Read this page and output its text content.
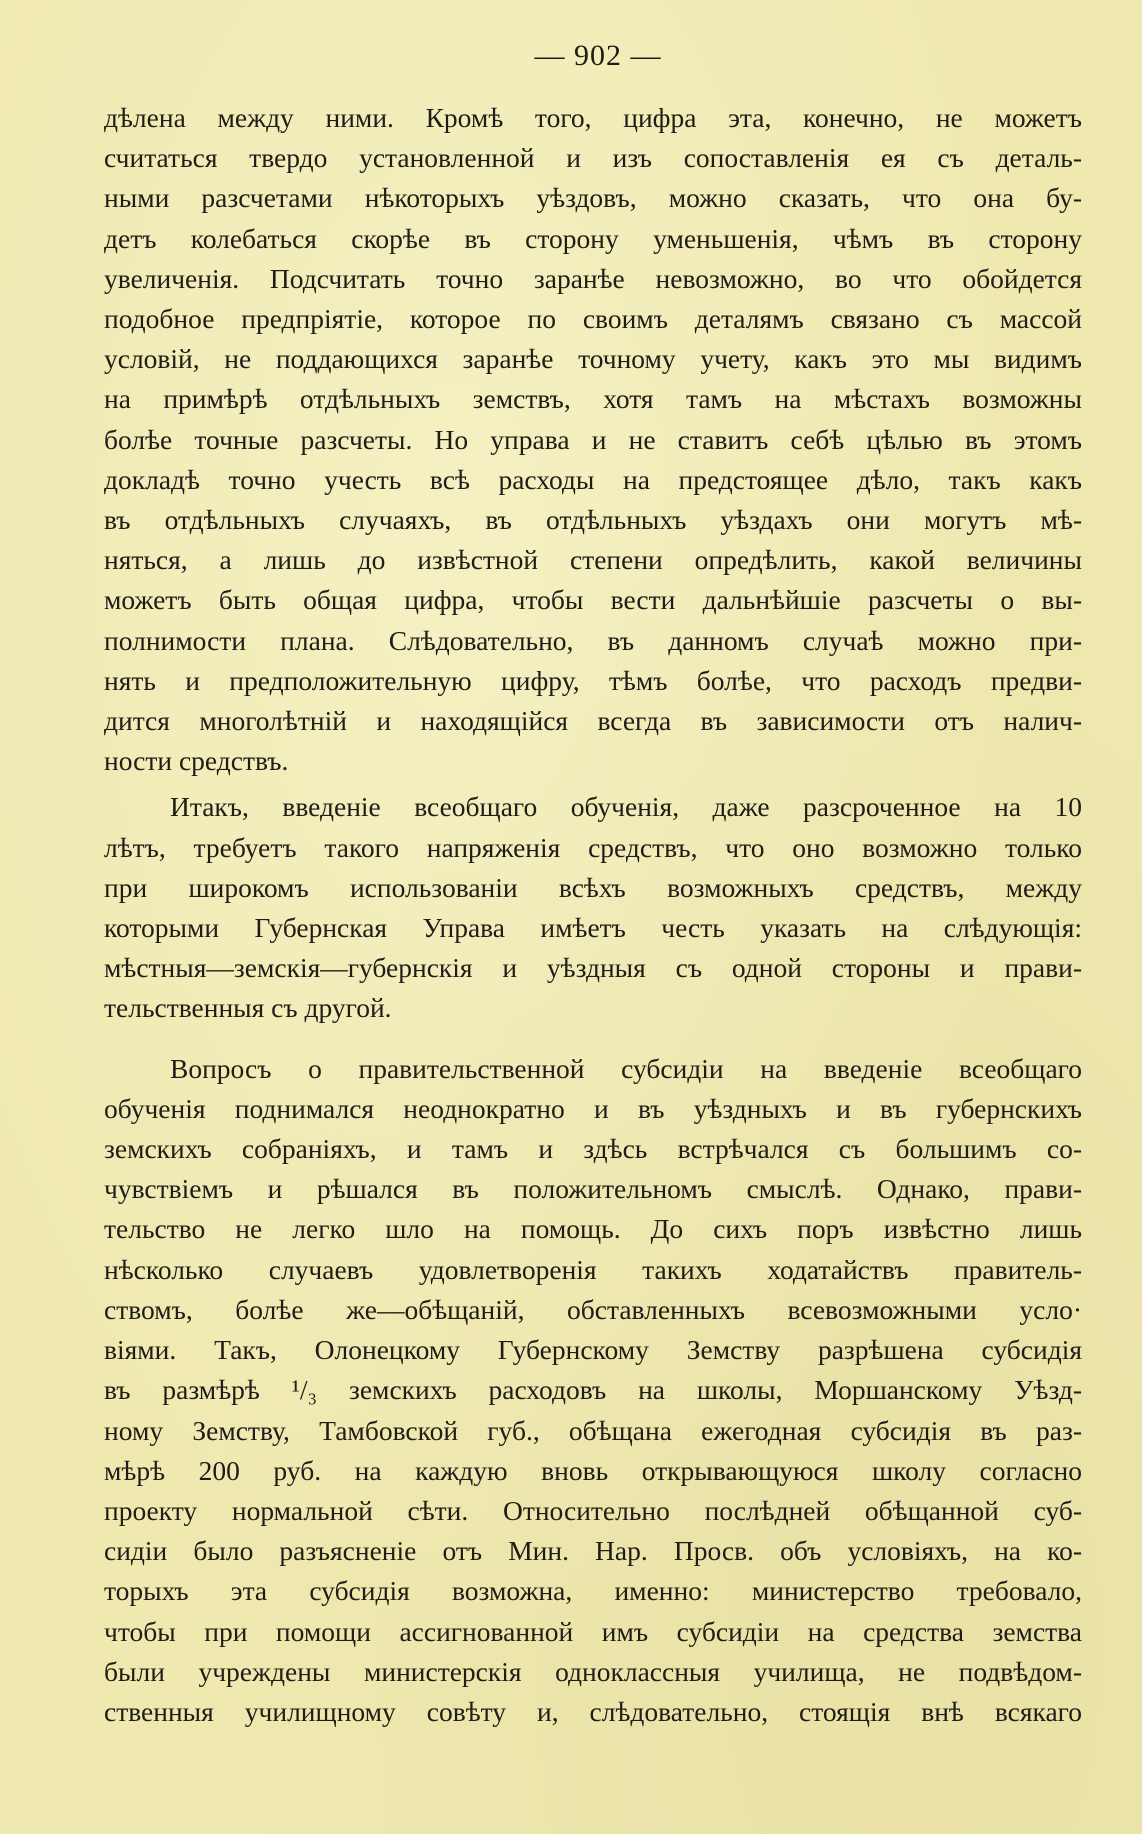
— 902 —
дѣлена между ними. Кромѣ того, цифра эта, конечно, не можетъ
считаться твердо установленной и изъ сопоставленія ея съ деталь-
ными разсчетами нѣкоторыхъ уѣздовъ, можно сказать, что она бу-
детъ колебаться скорѣе въ сторону уменьшенія, чѣмъ въ сторону
увеличенія. Подсчитать точно заранѣе невозможно, во что обойдется
подобное предпріятіе, которое по своимъ деталямъ связано съ массой
условій, не поддающихся заранѣе точному учету, какъ это мы видимъ
на примѣрѣ отдѣльныхъ земствъ, хотя тамъ на мѣстахъ возможны
болѣе точные разсчеты. Но управа и не ставитъ себѣ цѣлью въ этомъ
докладѣ точно учесть всѣ расходы на предстоящее дѣло, такъ какъ
въ отдѣльныхъ случаяхъ, въ отдѣльныхъ уѣздахъ они могутъ мѣ-
няться, а лишь до извѣстной степени опредѣлить, какой величины
можетъ быть общая цифра, чтобы вести дальнѣйшіе разсчеты о вы-
полнимости плана. Слѣдовательно, въ данномъ случаѣ можно при-
нять и предположительную цифру, тѣмъ болѣе, что расходъ предви-
дится многолѣтній и находящійся всегда въ зависимости отъ налич-
ности средствъ.
Итакъ, введеніе всеобщаго обученія, даже разсроченное на 10
лѣтъ, требуетъ такого напряженія средствъ, что оно возможно только
при широкомъ использованіи всѣхъ возможныхъ средствъ, между
которыми Губернская Управа имѣетъ честь указать на слѣдующія:
мѣстныя—земскія—губернскія и уѣздныя съ одной стороны и прави-
тельственныя съ другой.
Вопросъ о правительственной субсидіи на введеніе всеобщаго
обученія поднимался неоднократно и въ уѣздныхъ и въ губернскихъ
земскихъ собраніяхъ, и тамъ и здѣсь встрѣчался съ большимъ со-
чувствіемъ и рѣшался въ положительномъ смыслѣ. Однако, прави-
тельство не легко шло на помощь. До сихъ поръ извѣстно лишь
нѣсколько случаевъ удовлетворенія такихъ ходатайствъ правитель-
ствомъ, болѣе же—обѣщаній, обставленныхъ всевозможными усло·
віями. Такъ, Олонецкому Губернскому Земству разрѣшена субсидія
въ размѣрѣ ¹/₃ земскихъ расходовъ на школы, Моршанскому Уѣзд-
ному Земству, Тамбовской губ., обѣщана ежегодная субсидія въ раз-
мѣрѣ 200 руб. на каждую вновь открывающуюся школу согласно
проекту нормальной сѣти. Относительно послѣдней обѣщанной суб-
сидіи было разъясненіе отъ Мин. Нар. Просв. объ условіяхъ, на ко-
торыхъ эта субсидія возможна, именно: министерство требовало,
чтобы при помощи ассигнованной имъ субсидіи на средства земства
были учреждены министерскія одноклассныя училища, не подвѣдом-
ственныя училищному совѣту и, слѣдовательно, стоящія внѣ всякаго
